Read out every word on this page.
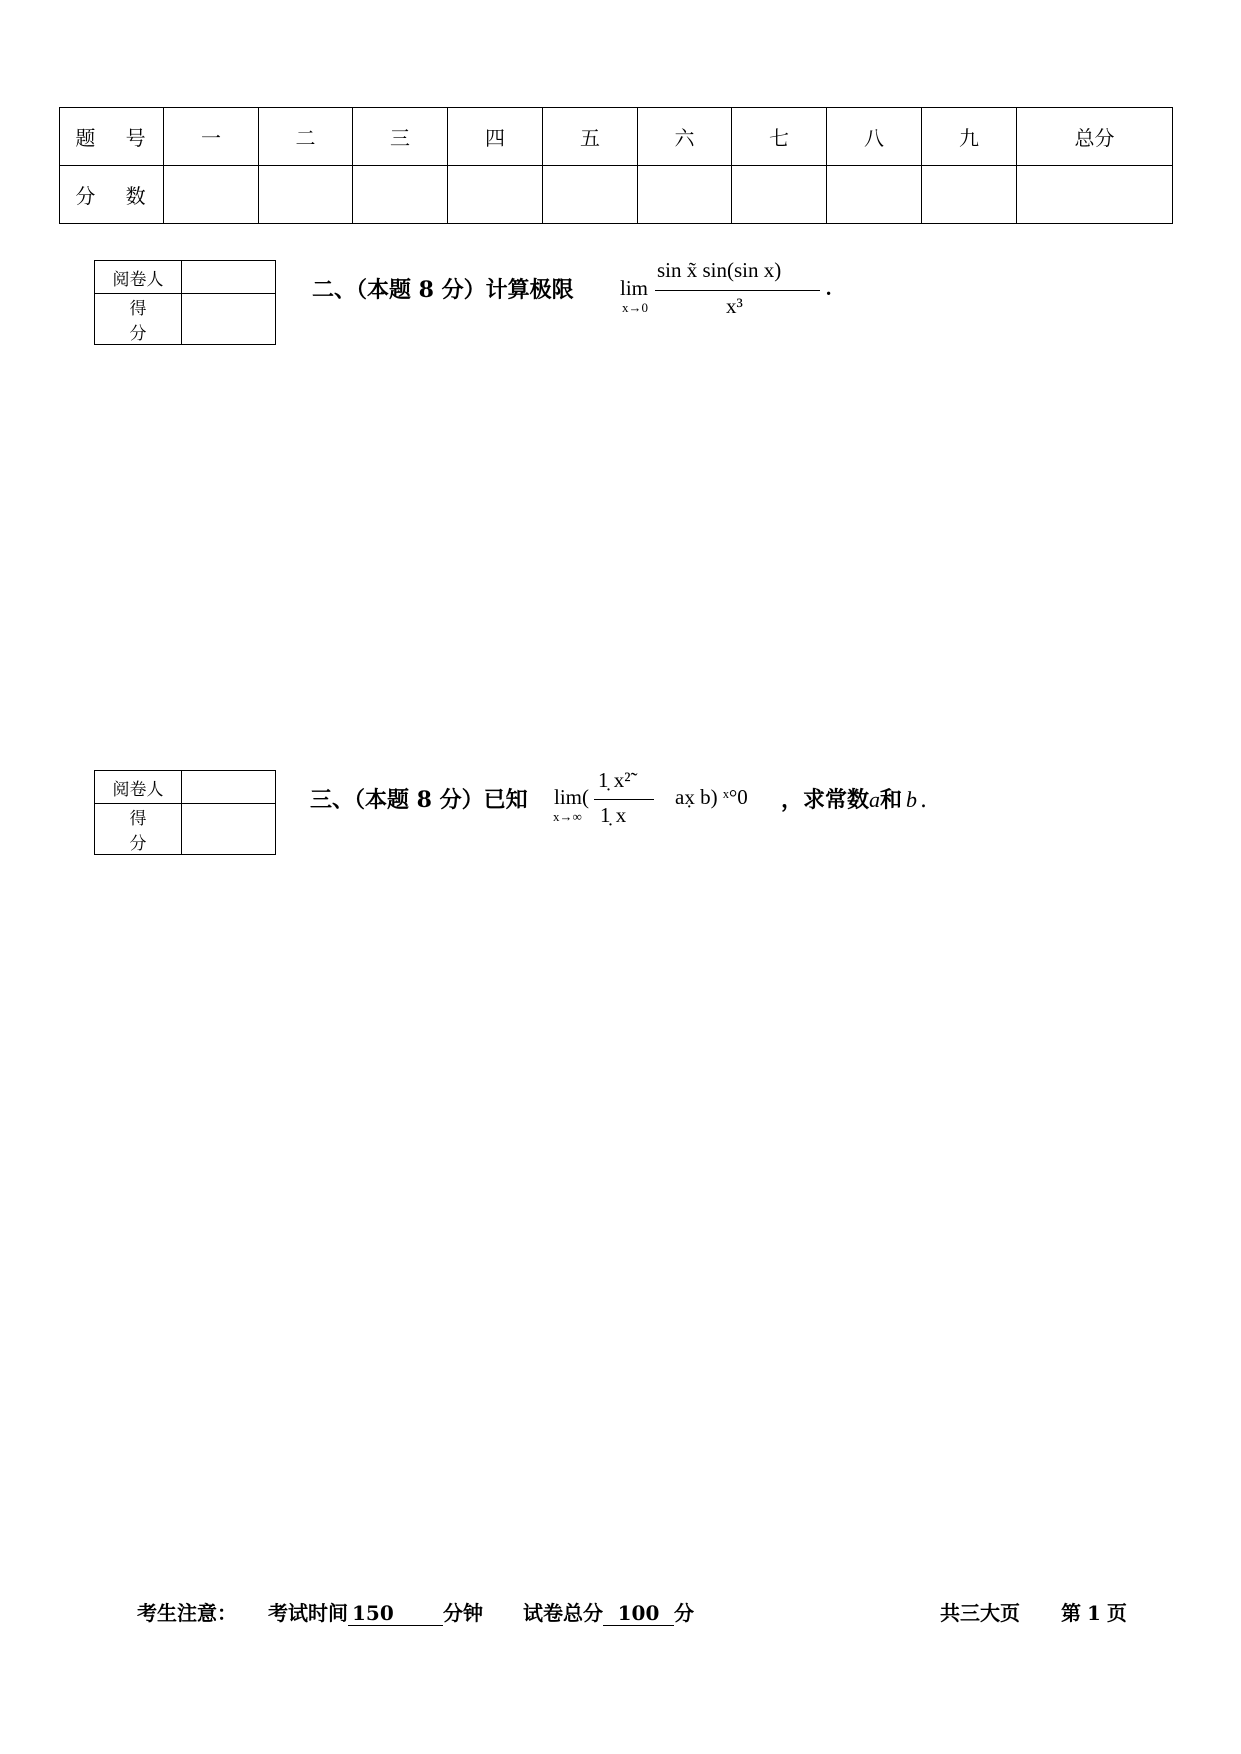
题 号	一	二	三	四	五	六	七	八	九	总分
分 数										
阅卷人	
得 分	
二、（本题 8 分）计算极限 lim
x→0
sin x̃ sin(sin x)
x³
.
阅卷人	
得 分	
三、（本题 8 分）已知 lim(
x→∞
1̣ x²̃
1̣ x
ax̣ b) ˣ°0 ，求常数a和 b .
考生注意： 考试时间 150 分钟 试卷总分 100 分	共三大页 第 1 页
